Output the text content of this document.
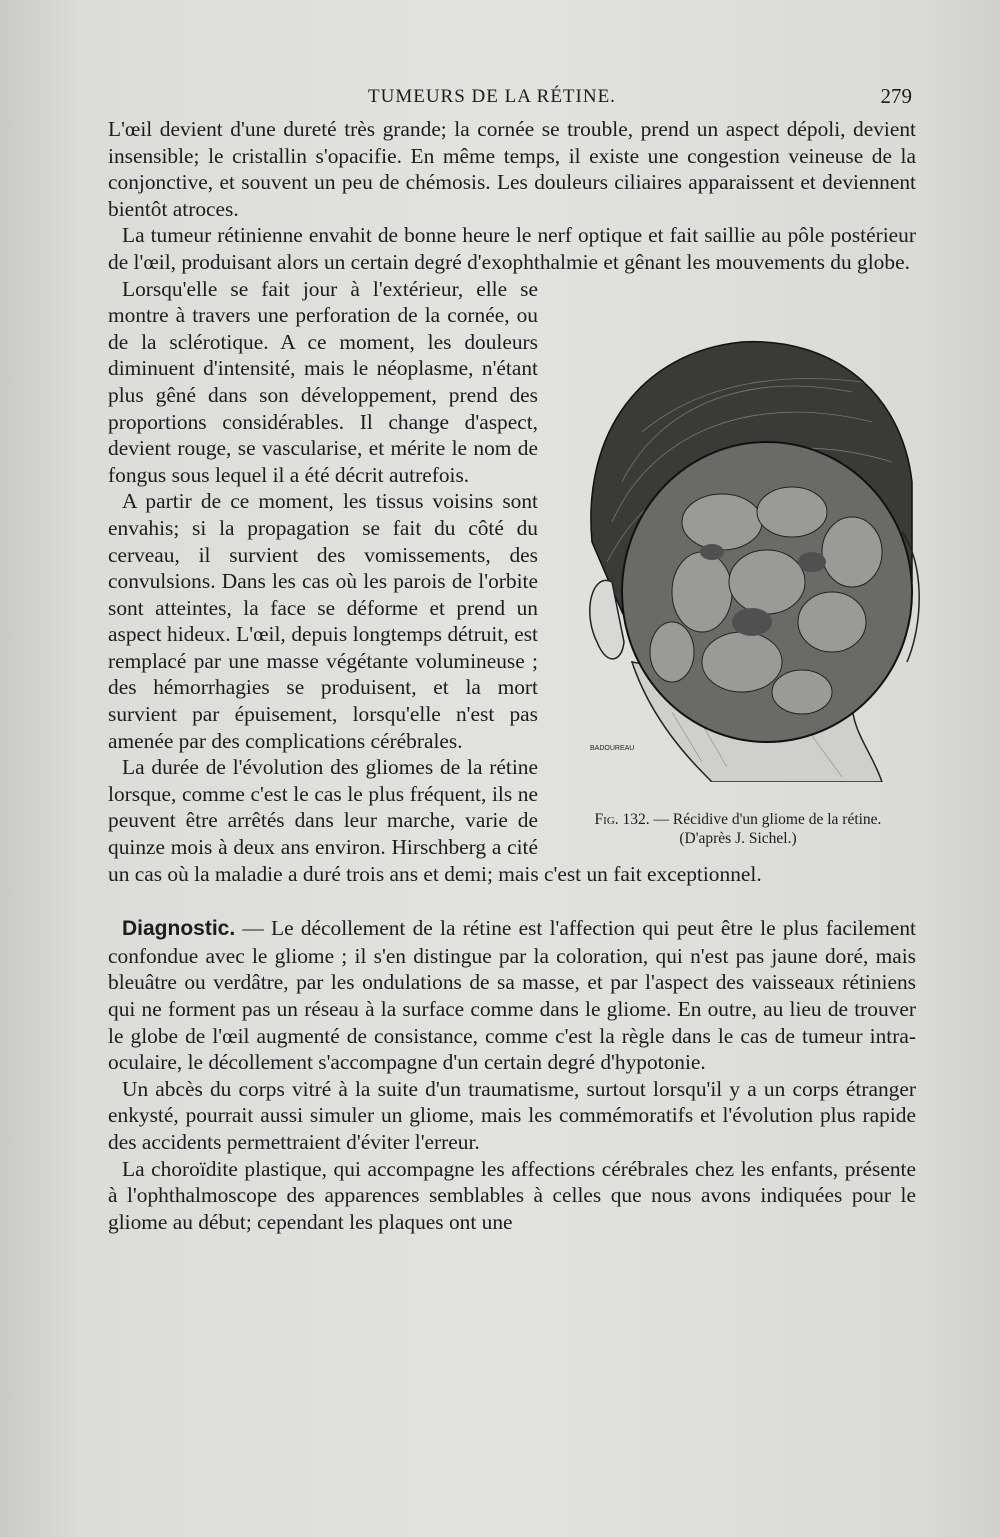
TUMEURS DE LA RÉTINE.	279

L'œil devient d'une dureté très grande; la cornée se trouble, prend un aspect dépoli, devient insensible; le cristallin s'opacifie. En même temps, il existe une congestion veineuse de la conjonctive, et souvent un peu de chémosis. Les douleurs ciliaires apparaissent et deviennent bientôt atroces.

La tumeur rétinienne envahit de bonne heure le nerf optique et fait saillie au pôle postérieur de l'œil, produisant alors un certain degré d'exophthalmie et gênant les mouvements du globe.

BADOUREAU
Fig. 132. — Récidive d'un gliome de la rétine.
(D'après J. Sichel.)

Lorsqu'elle se fait jour à l'extérieur, elle se montre à travers une perforation de la cornée, ou de la sclérotique. A ce moment, les douleurs diminuent d'intensité, mais le néoplasme, n'étant plus gêné dans son développement, prend des proportions considérables. Il change d'aspect, devient rouge, se vascularise, et mérite le nom de fongus sous lequel il a été décrit autrefois.

A partir de ce moment, les tissus voisins sont envahis; si la propagation se fait du côté du cerveau, il survient des vomissements, des convulsions. Dans les cas où les parois de l'orbite sont atteintes, la face se déforme et prend un aspect hideux. L'œil, depuis longtemps détruit, est remplacé par une masse végétante volumineuse ; des hémorrhagies se produisent, et la mort survient par épuisement, lorsqu'elle n'est pas amenée par des complications cérébrales.

La durée de l'évolution des gliomes de la rétine lorsque, comme c'est le cas le plus fréquent, ils ne peuvent être arrêtés dans leur marche, varie de quinze mois à deux ans environ. Hirschberg a cité un cas où la maladie a duré trois ans et demi; mais c'est un fait exceptionnel.

Diagnostic. — Le décollement de la rétine est l'affection qui peut être le plus facilement confondue avec le gliome ; il s'en distingue par la coloration, qui n'est pas jaune doré, mais bleuâtre ou verdâtre, par les ondulations de sa masse, et par l'aspect des vaisseaux rétiniens qui ne forment pas un réseau à la surface comme dans le gliome. En outre, au lieu de trouver le globe de l'œil augmenté de consistance, comme c'est la règle dans le cas de tumeur intra-oculaire, le décollement s'accompagne d'un certain degré d'hypotonie.

Un abcès du corps vitré à la suite d'un traumatisme, surtout lorsqu'il y a un corps étranger enkysté, pourrait aussi simuler un gliome, mais les commémoratifs et l'évolution plus rapide des accidents permettraient d'éviter l'erreur.

La choroïdite plastique, qui accompagne les affections cérébrales chez les enfants, présente à l'ophthalmoscope des apparences semblables à celles que nous avons indiquées pour le gliome au début; cependant les plaques ont une
